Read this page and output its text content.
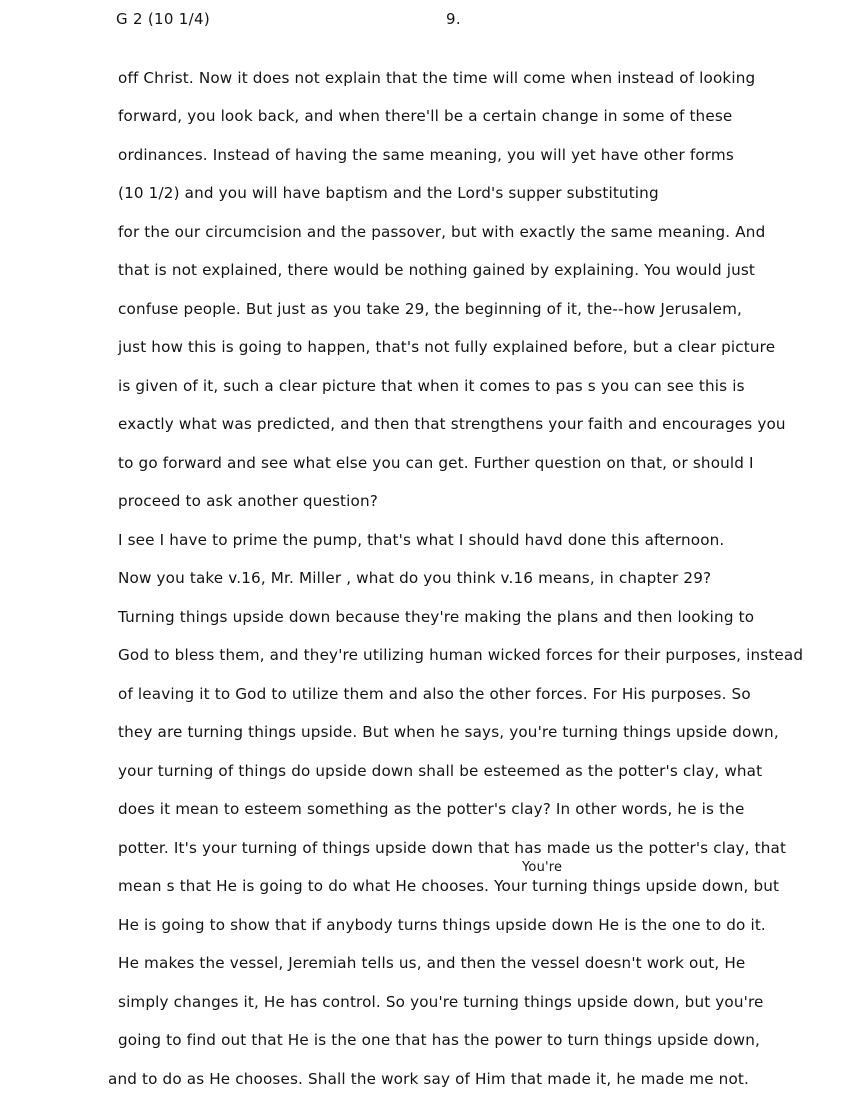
G 2 (10 1/4)	9.
off Christ. Now it does not explain that the time will come when instead of looking
forward, you look back, and when there'll be a certain change in some of these
ordinances. Instead of having the same meaning, you will yet have other forms
(10 1/2) and you will have baptism and the Lord's supper substituting
for the our circumcision and the passover, but with exactly the same meaning. And
that is not explained, there would be nothing gained by explaining. You would just
confuse people. But just as you take 29, the beginning of it, the--how Jerusalem,
just how this is going to happen, that's not fully explained before, but a clear picture
is given of it, such a clear picture that when it comes to pas s you can see this is
exactly what was predicted, and then that strengthens your faith and encourages you
to go forward and see what else you can get. Further question on that, or should I
proceed to ask another question?
I see I have to prime the pump, that's what I should havd done this afternoon.
Now you take v.16, Mr. Miller , what do you think v.16 means, in chapter 29?
Turning things upside down because they're making the plans and then looking to
God to bless them, and they're utilizing human wicked forces for their purposes, instead
of leaving it to God to utilize them and also the other forces. For His purposes. So
they are turning things upside. But when he says, you're turning things upside down,
your turning of things do upside down shall be esteemed as the potter's clay, what
does it mean to esteem something as the potter's clay? In other words, he is the
potter. It's your turning of things upside down that has made us the potter's clay, that
mean s that He is going to do what He chooses. Your turning things upside down, but
He is going to show that if anybody turns things upside down He is the one to do it.
He makes the vessel, Jeremiah tells us, and then the vessel doesn't work out, He
simply changes it, He has control. So you're turning things upside down, but you're
going to find out that He is the one that has the power to turn things upside down,
and to do as He chooses. Shall the work say of Him that made it, he made me not.
You're
